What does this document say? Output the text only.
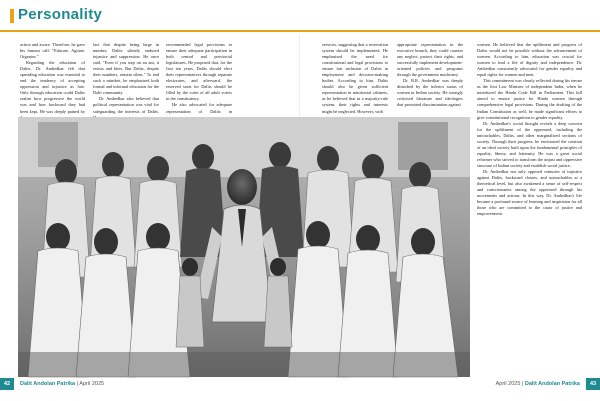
Personality

action and aware. Therefore, he gave his famous call: "Educate, Agitate, Organise."

Regarding the education of Dalits, Dr. Ambedkar felt that spreading education was essential to end the tendency of accepting oppression and injustice as fate. Only through education could Dalits realise how progressive the world was and how backward they had been kept. He was deeply pained by

fact that despite being large in number, Dalits silently endured injustice and suppression. He once said, "Even if you step on an ant, it resists and bites. But Dalits, despite their numbers, remain silent." To end such a mindset, he emphasised both formal and informal education for the Dalit community.

Dr. Ambedkar also believed that political representation was vital for safeguarding the interests of Dalits.

recommended legal provisions to ensure their adequate participation in both central and provincial legislatures. He proposed that, for the first ten years, Dalits should elect their representatives through separate electorates, and afterward, the reserved seats for Dalits should be filled by the votes of all adult voters in the constituency.

He also advocated for adequate representation of Dalits in

services, suggesting that a reservation system should be implemented. He emphasised the need for constitutional and legal provisions to ensure fair inclusion of Dalits in employment and decision-making bodies. According to him, Dalits should also be given sufficient representation in ministerial cabinets, as he believed that in a majority-rule system, their rights and interests might be neglected. However, with

appropriate representation in the executive branch, they could counter any neglect, protect their rights, and successfully implement development-oriented policies and programs through the government machinery.

Dr. B.R. Ambedkar was deeply disturbed by the inferior status of women in Indian society. He strongly criticised literature and ideologies that promoted discrimination against

women. He believed that the upliftment and progress of Dalits would not be possible without the advancement of women. According to him, education was crucial for women to lead a life of dignity and independence. Dr. Ambedkar consistently advocated for gender equality and equal rights for women and men.

This commitment was clearly reflected during his tenure as the first Law Minister of independent India, when he introduced the Hindu Code Bill in Parliament. This bill aimed to ensure justice for Hindu women through comprehensive legal provisions. During the drafting of the Indian Constitution as well, he made significant efforts to give constitutional recognition to gender equality.

Dr. Ambedkar's social thought reveals a deep concern for the upliftment of the oppressed, including the untouchables, Dalits, and other marginalized sections of society. Through their progress, he envisioned the creation of an ideal society built upon the fundamental principles of equality, liberty, and fraternity. He was a great social reformer who strived to transform the unjust and oppressive structure of Indian society and establish social justice.

Dr. Ambedkar not only opposed centuries of injustice against Dalits, backward classes, and untouchables at a theoretical level, but also awakened a sense of self-respect and consciousness among the oppressed through his movements and actions. In this way, Dr. Ambedkar's life became a profound source of learning and inspiration for all those who are committed to the cause of justice and empowerment.

42	Dalit Andolan Patrika | April 2025	April 2025 | Dalit Andolan Patrika	43
